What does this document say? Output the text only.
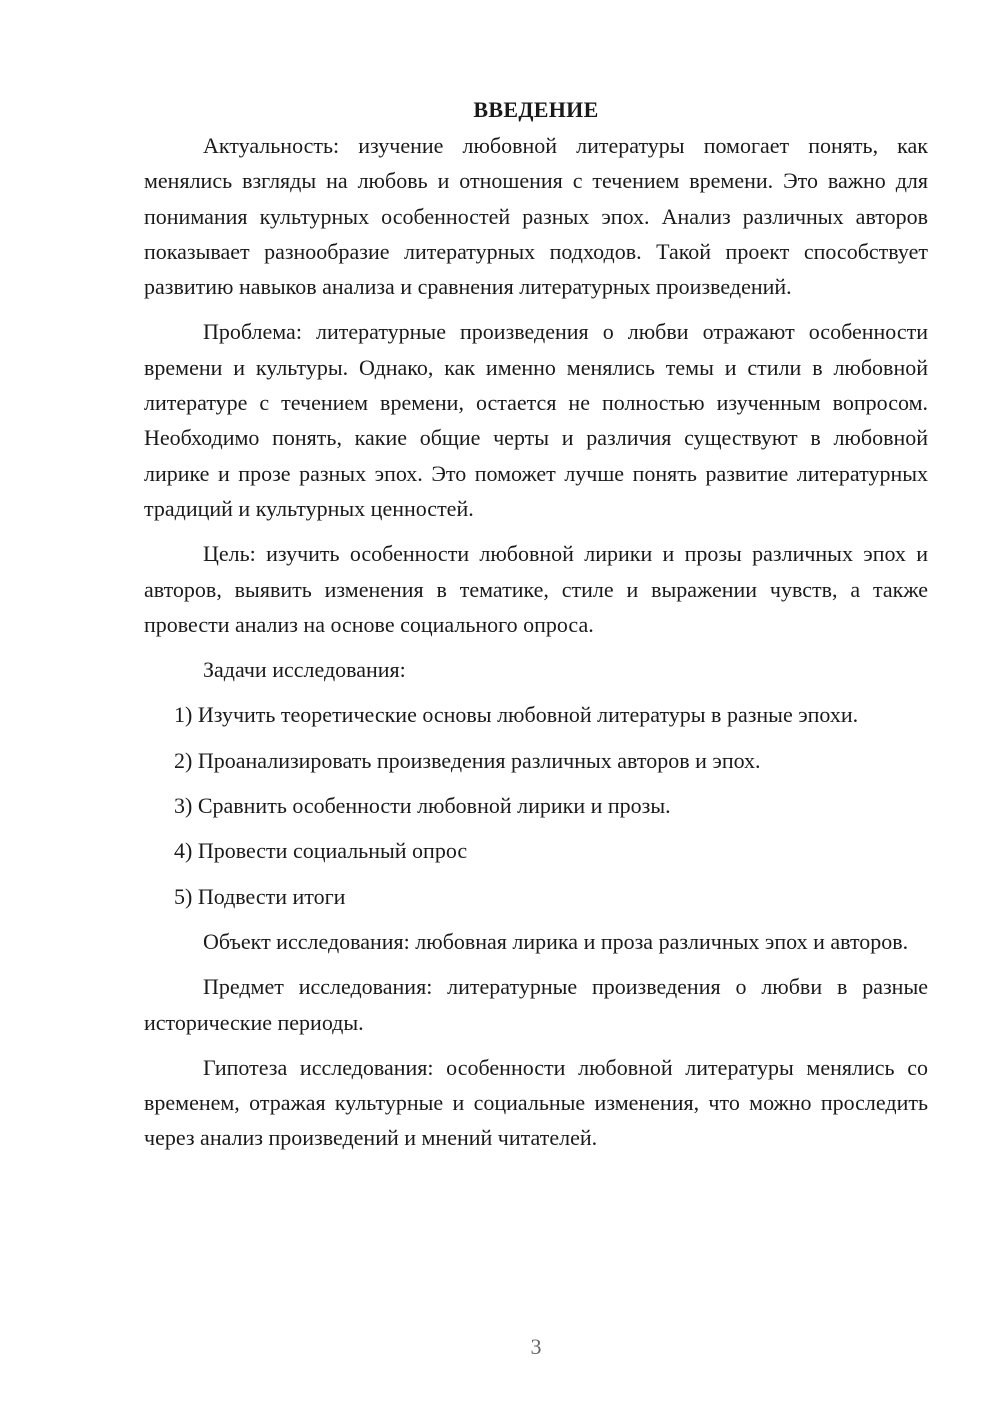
ВВЕДЕНИЕ

Актуальность: изучение любовной литературы помогает понять, как менялись взгляды на любовь и отношения с течением времени. Это важно для понимания культурных особенностей разных эпох. Анализ различных авторов показывает разнообразие литературных подходов. Такой проект способствует развитию навыков анализа и сравнения литературных произведений.

Проблема: литературные произведения о любви отражают особенности времени и культуры. Однако, как именно менялись темы и стили в любовной литературе с течением времени, остается не полностью изученным вопросом. Необходимо понять, какие общие черты и различия существуют в любовной лирике и прозе разных эпох. Это поможет лучше понять развитие литературных традиций и культурных ценностей.

Цель: изучить особенности любовной лирики и прозы различных эпох и авторов, выявить изменения в тематике, стиле и выражении чувств, а также провести анализ на основе социального опроса.

Задачи исследования:

1) Изучить теоретические основы любовной литературы в разные эпохи.

2) Проанализировать произведения различных авторов и эпох.

3) Сравнить особенности любовной лирики и прозы.

4) Провести социальный опрос

5) Подвести итоги

Объект исследования: любовная лирика и проза различных эпох и авторов.

Предмет исследования: литературные произведения о любви в разные исторические периоды.

Гипотеза исследования: особенности любовной литературы менялись со временем, отражая культурные и социальные изменения, что можно проследить через анализ произведений и мнений читателей.

3
